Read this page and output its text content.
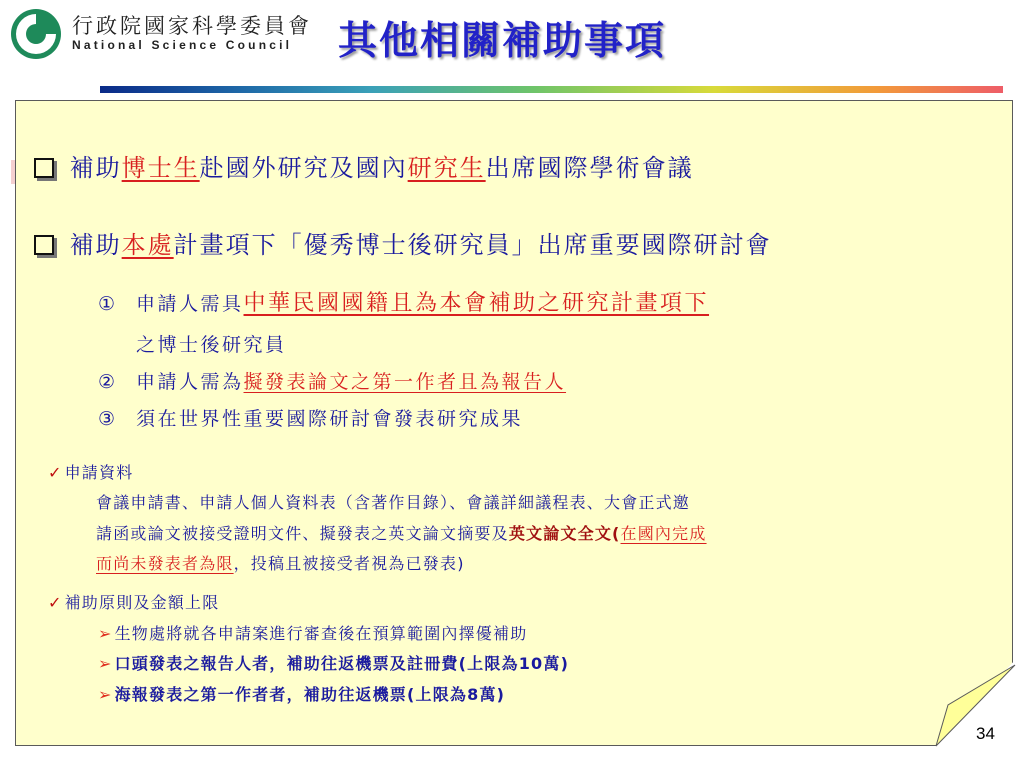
行政院國家科學委員會
National Science Council 其他相關補助事項
補助博士生赴國外研究及國內研究生出席國際學術會議
補助本處計畫項下「優秀博士後研究員」出席重要國際研討會
① 申請人需具中華民國國籍且為本會補助之研究計畫項下
之博士後研究員
② 申請人需為擬發表論文之第一作者且為報告人
③ 須在世界性重要國際研討會發表研究成果
✓ 申請資料
會議申請書、申請人個人資料表（含著作目錄）、會議詳細議程表、大會正式邀
請函或論文被接受證明文件、擬發表之英文論文摘要及英文論文全文(在國內完成
而尚未發表者為限，投稿且被接受者視為已發表)
✓ 補助原則及金額上限
➢ 生物處將就各申請案進行審查後在預算範圍內擇優補助
➢ 口頭發表之報告人者，補助往返機票及註冊費(上限為10萬)
➢ 海報發表之第一作者者，補助往返機票(上限為8萬)
34
